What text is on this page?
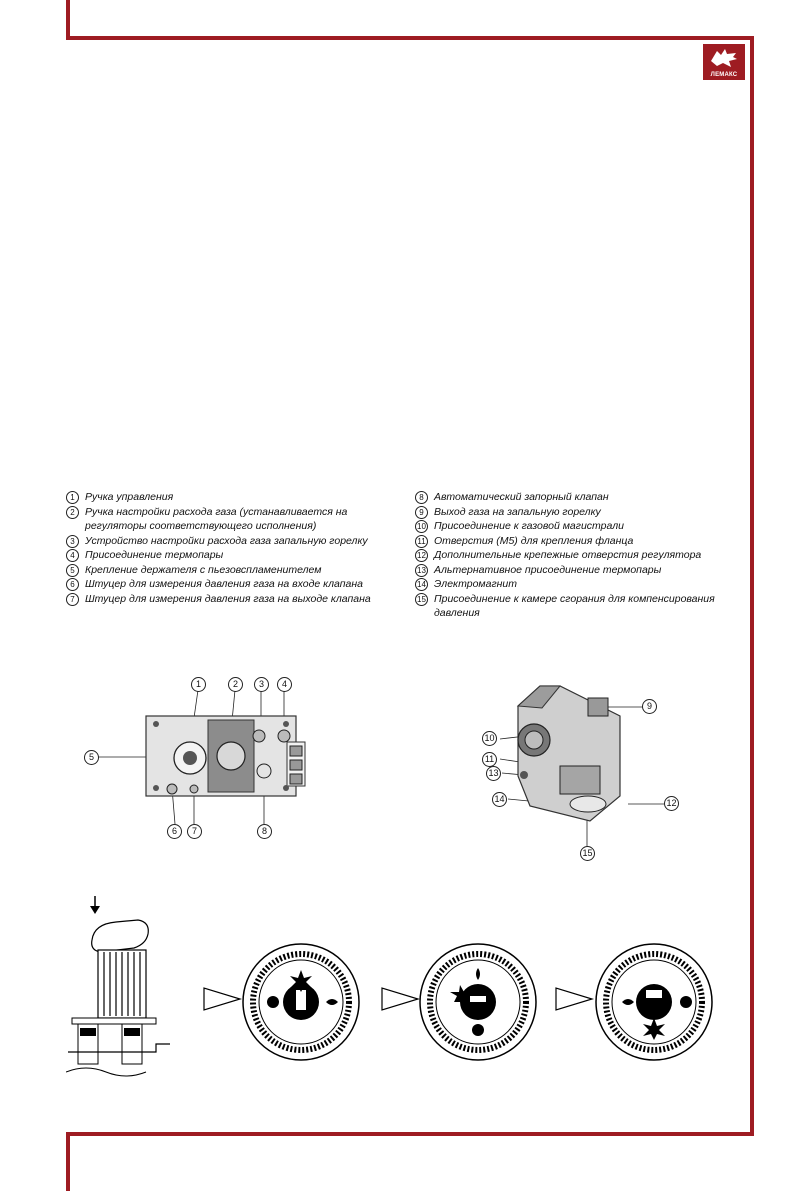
ЛЕМАКС
1 Ручка управления
2 Ручка настройки расхода газа (устанавливается на регуляторы соответствующего исполнения)
3 Устройство настройки расхода газа запальную горелку
4 Присоединение термопары
5 Крепление держателя с пьезовспламенителем
6 Штуцер для измерения давления газа на входе клапана
7 Штуцер для измерения давления газа на выходе клапана
8 Автоматический запорный клапан
9 Выход газа на запальную горелку
10 Присоединение к газовой магистрали
11 Отверстия (М5) для крепления фланца
12 Дополнительные крепежные отверстия регулятора
13 Альтернативное присоединение термопары
14 Электромагнит
15 Присоединение к камере сгорания для компенсирования давления
1	2	3	4
5
6	7	8
9
10
11
13
14	12
15
